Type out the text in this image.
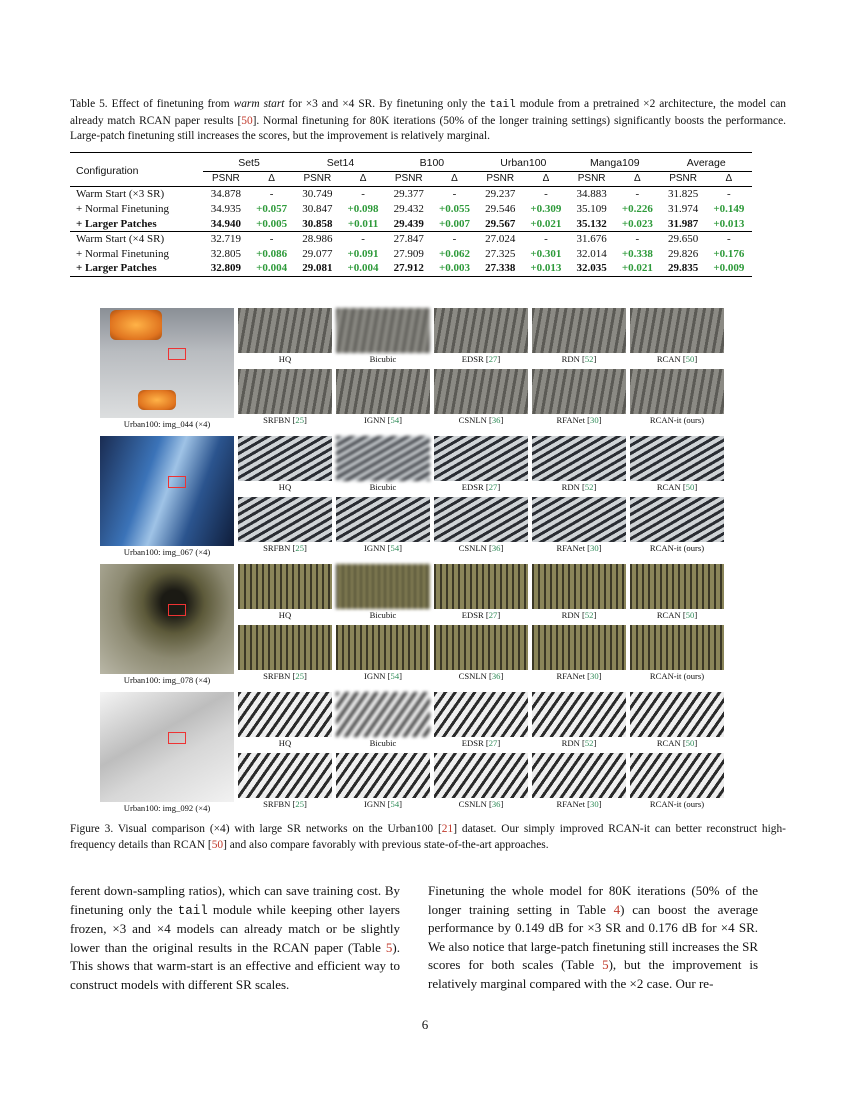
Table 5. Effect of finetuning from warm start for ×3 and ×4 SR. By finetuning only the tail module from a pretrained ×2 architecture, the model can already match RCAN paper results [50]. Normal finetuning for 80K iterations (50% of the longer training settings) significantly boosts the performance. Large-patch finetuning still increases the scores, but the improvement is relatively marginal.
Configuration	Set5		Set14		B100		Urban100		Manga109		Average	
	PSNR	Δ	PSNR	Δ	PSNR	Δ	PSNR	Δ	PSNR	Δ	PSNR	Δ
Warm Start (×3 SR)	34.878	-	30.749	-	29.377	-	29.237	-	34.883	-	31.825	-
+ Normal Finetuning	34.935	+0.057	30.847	+0.098	29.432	+0.055	29.546	+0.309	35.109	+0.226	31.974	+0.149
+ Larger Patches	34.940	+0.005	30.858	+0.011	29.439	+0.007	29.567	+0.021	35.132	+0.023	31.987	+0.013
Warm Start (×4 SR)	32.719	-	28.986	-	27.847	-	27.024	-	31.676	-	29.650	-
+ Normal Finetuning	32.805	+0.086	29.077	+0.091	27.909	+0.062	27.325	+0.301	32.014	+0.338	29.826	+0.176
+ Larger Patches	32.809	+0.004	29.081	+0.004	27.912	+0.003	27.338	+0.013	32.035	+0.021	29.835	+0.009
Urban100: img_044 (×4)
HQ	Bicubic	EDSR [27]	RDN [52]	RCAN [50]
SRFBN [25]	IGNN [54]	CSNLN [36]	RFANet [30]	RCAN-it (ours)
Urban100: img_067 (×4)
HQ	Bicubic	EDSR [27]	RDN [52]	RCAN [50]
SRFBN [25]	IGNN [54]	CSNLN [36]	RFANet [30]	RCAN-it (ours)
Urban100: img_078 (×4)
HQ	Bicubic	EDSR [27]	RDN [52]	RCAN [50]
SRFBN [25]	IGNN [54]	CSNLN [36]	RFANet [30]	RCAN-it (ours)
Urban100: img_092 (×4)
HQ	Bicubic	EDSR [27]	RDN [52]	RCAN [50]
SRFBN [25]	IGNN [54]	CSNLN [36]	RFANet [30]	RCAN-it (ours)
Figure 3. Visual comparison (×4) with large SR networks on the Urban100 [21] dataset. Our simply improved RCAN-it can better reconstruct high-frequency details than RCAN [50] and also compare favorably with previous state-of-the-art approaches.
ferent down-sampling ratios), which can save training cost. By finetuning only the tail module while keeping other layers frozen, ×3 and ×4 models can already match or be slightly lower than the original results in the RCAN paper (Table 5). This shows that warm-start is an effective and efficient way to construct models with different SR scales.
Finetuning the whole model for 80K iterations (50% of the longer training setting in Table 4) can boost the average performance by 0.149 dB for ×3 SR and 0.176 dB for ×4 SR. We also notice that large-patch finetuning still increases the SR scores for both scales (Table 5), but the improvement is relatively marginal compared with the ×2 case. Our re-
6
